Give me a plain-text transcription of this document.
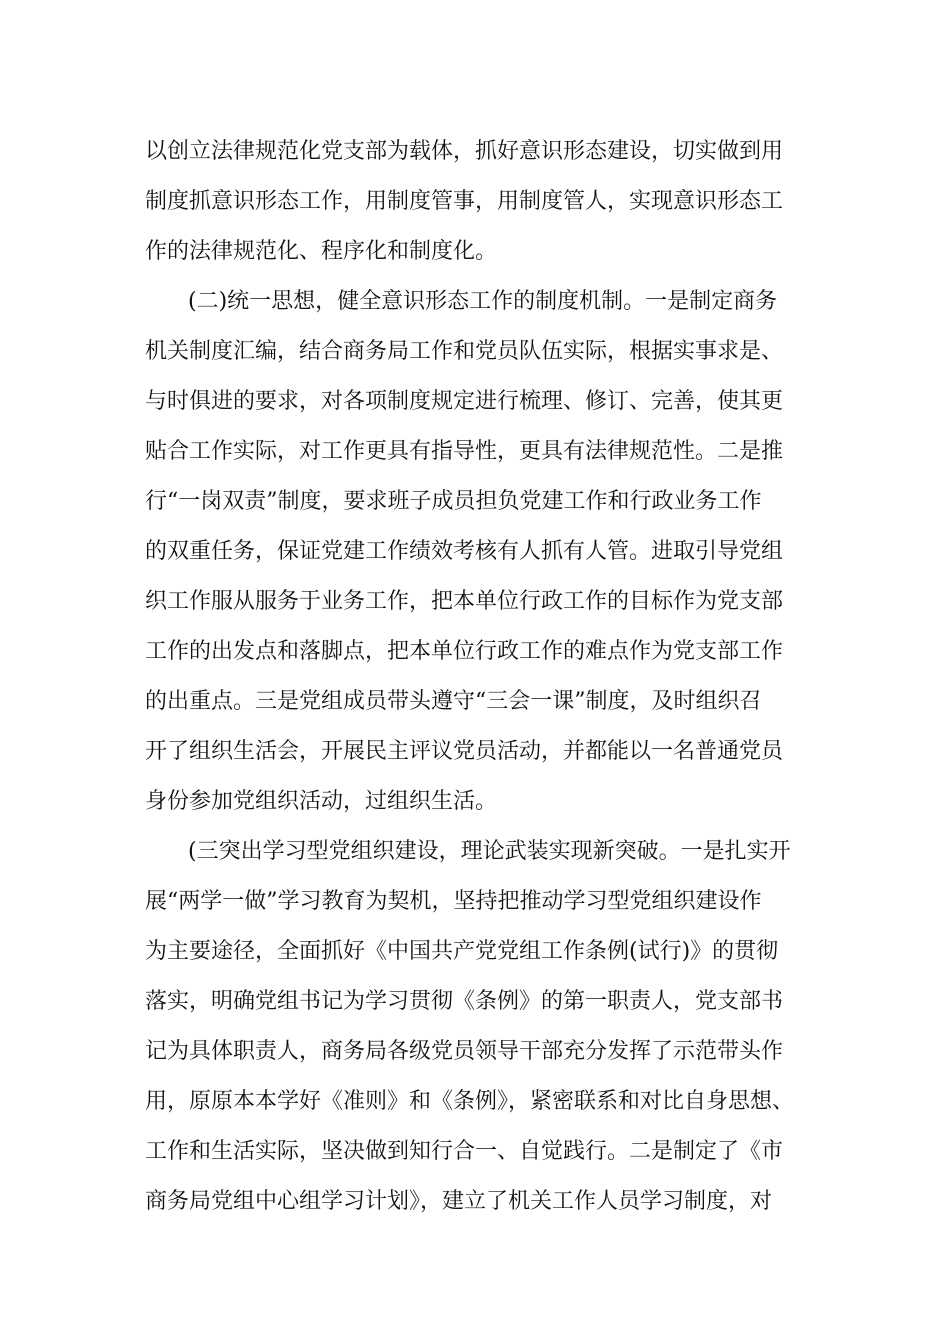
以创立法律规范化党支部为载体，抓好意识形态建设，切实做到用
制度抓意识形态工作，用制度管事，用制度管人，实现意识形态工
作的法律规范化、程序化和制度化。
(二)统一思想，健全意识形态工作的制度机制。一是制定商务
机关制度汇编，结合商务局工作和党员队伍实际，根据实事求是、
与时俱进的要求，对各项制度规定进行梳理、修订、完善，使其更
贴合工作实际，对工作更具有指导性，更具有法律规范性。二是推
行“一岗双责”制度，要求班子成员担负党建工作和行政业务工作
的双重任务，保证党建工作绩效考核有人抓有人管。进取引导党组
织工作服从服务于业务工作，把本单位行政工作的目标作为党支部
工作的出发点和落脚点，把本单位行政工作的难点作为党支部工作
的出重点。三是党组成员带头遵守“三会一课”制度，及时组织召
开了组织生活会，开展民主评议党员活动，并都能以一名普通党员
身份参加党组织活动，过组织生活。
(三突出学习型党组织建设，理论武装实现新突破。一是扎实开
展“两学一做”学习教育为契机，坚持把推动学习型党组织建设作
为主要途径，全面抓好《中国共产党党组工作条例(试行)》的贯彻
落实，明确党组书记为学习贯彻《条例》的第一职责人，党支部书
记为具体职责人，商务局各级党员领导干部充分发挥了示范带头作
用，原原本本学好《准则》和《条例》，紧密联系和对比自身思想、
工作和生活实际，坚决做到知行合一、自觉践行。二是制定了《市
商务局党组中心组学习计划》，建立了机关工作人员学习制度，对
